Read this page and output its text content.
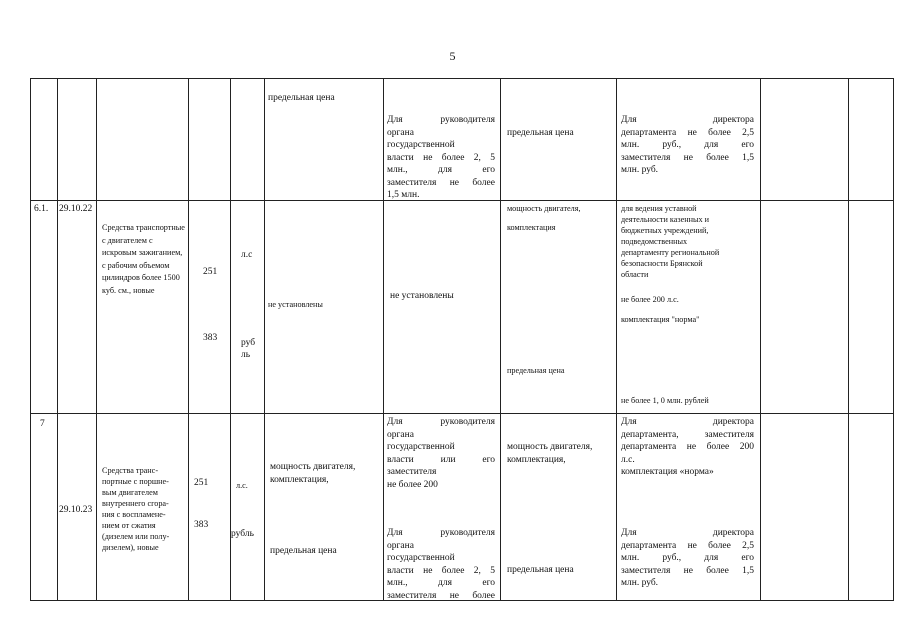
5
предельная цена
Для руководителя
органа
государственной
власти не более 2, 5
млн., для его
заместителя не более
1,5 млн.
предельная цена
Для директора
департамента не более 2,5
млн. руб., для его
заместителя не более 1,5
млн. руб.
6.1. 29.10.22
Средства транспортные с двигателем с искровым зажиганием, с рабочим объемом цилиндров более 1500 куб. см., новые
251
383
л.с
руб
ль
не установлены
не установлены
мощность двигателя,
комплектация
предельная цена
для ведения уставной
деятельности казенных и
бюджетных учреждений,
подведомственных
департаменту региональной
безопасности Брянской
области
не более 200 л.с.
комплектация "норма"
не более 1, 0 млн. рублей
7
29.10.23
Средства транс-
портные с поршне-
вым двигателем
внутреннего сгора-
ния с воспламене-
нием от сжатия
(дизелем или полу-
дизелем), новые
251
383
л.с.
рубль
мощность двигателя,
комплектация,
предельная цена
Для руководителя
органа
государственной
власти или его
заместителя
не более 200
Для руководителя
органа
государственной
власти не более 2, 5
млн., для его
заместителя не более
мощность двигателя,
комплектация,
предельная цена
Для директора
департамента, заместителя
департамента не более 200
л.с.
комплектация «норма»
Для директора
департамента не более 2,5
млн. руб., для его
заместителя не более 1,5
млн. руб.
